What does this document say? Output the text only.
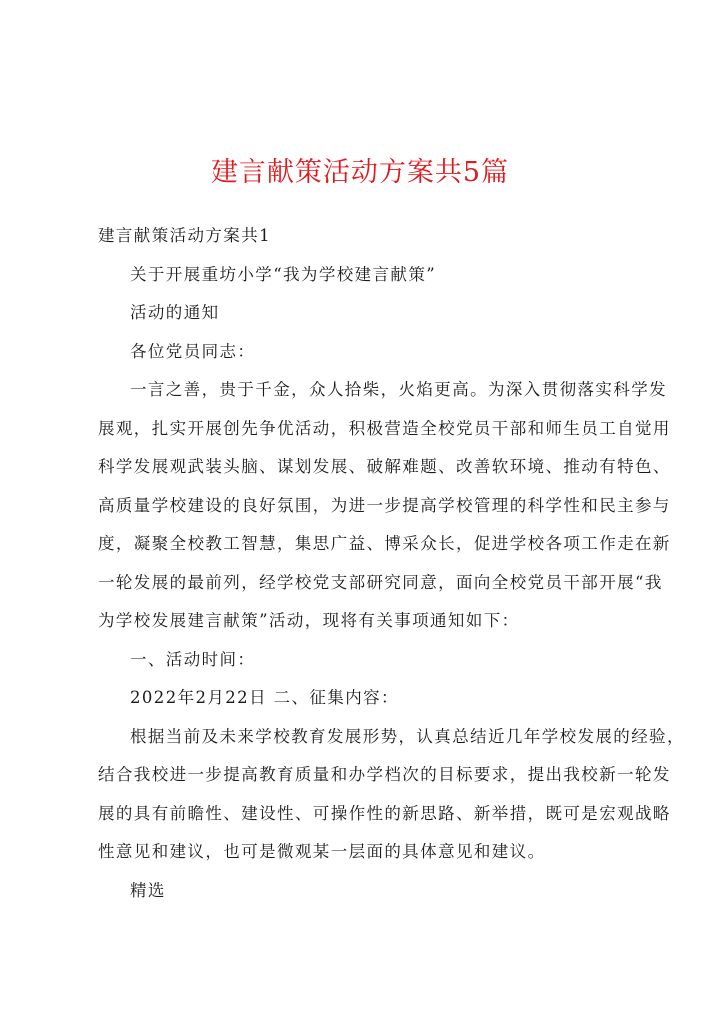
建言献策活动方案共5篇
建言献策活动方案共1
关于开展重坊小学“我为学校建言献策”
活动的通知
各位党员同志：
一言之善，贵于千金，众人拾柴，火焰更高。为深入贯彻落实科学发
展观，扎实开展创先争优活动，积极营造全校党员干部和师生员工自觉用
科学发展观武装头脑、谋划发展、破解难题、改善软环境、推动有特色、
高质量学校建设的良好氛围，为进一步提高学校管理的科学性和民主参与
度，凝聚全校教工智慧，集思广益、博采众长，促进学校各项工作走在新
一轮发展的最前列，经学校党支部研究同意，面向全校党员干部开展“我
为学校发展建言献策”活动，现将有关事项通知如下：
一、活动时间：
2022年2月22日 二、征集内容：
根据当前及未来学校教育发展形势，认真总结近几年学校发展的经验，
结合我校进一步提高教育质量和办学档次的目标要求，提出我校新一轮发
展的具有前瞻性、建设性、可操作性的新思路、新举措，既可是宏观战略
性意见和建议，也可是微观某一层面的具体意见和建议。
精选
